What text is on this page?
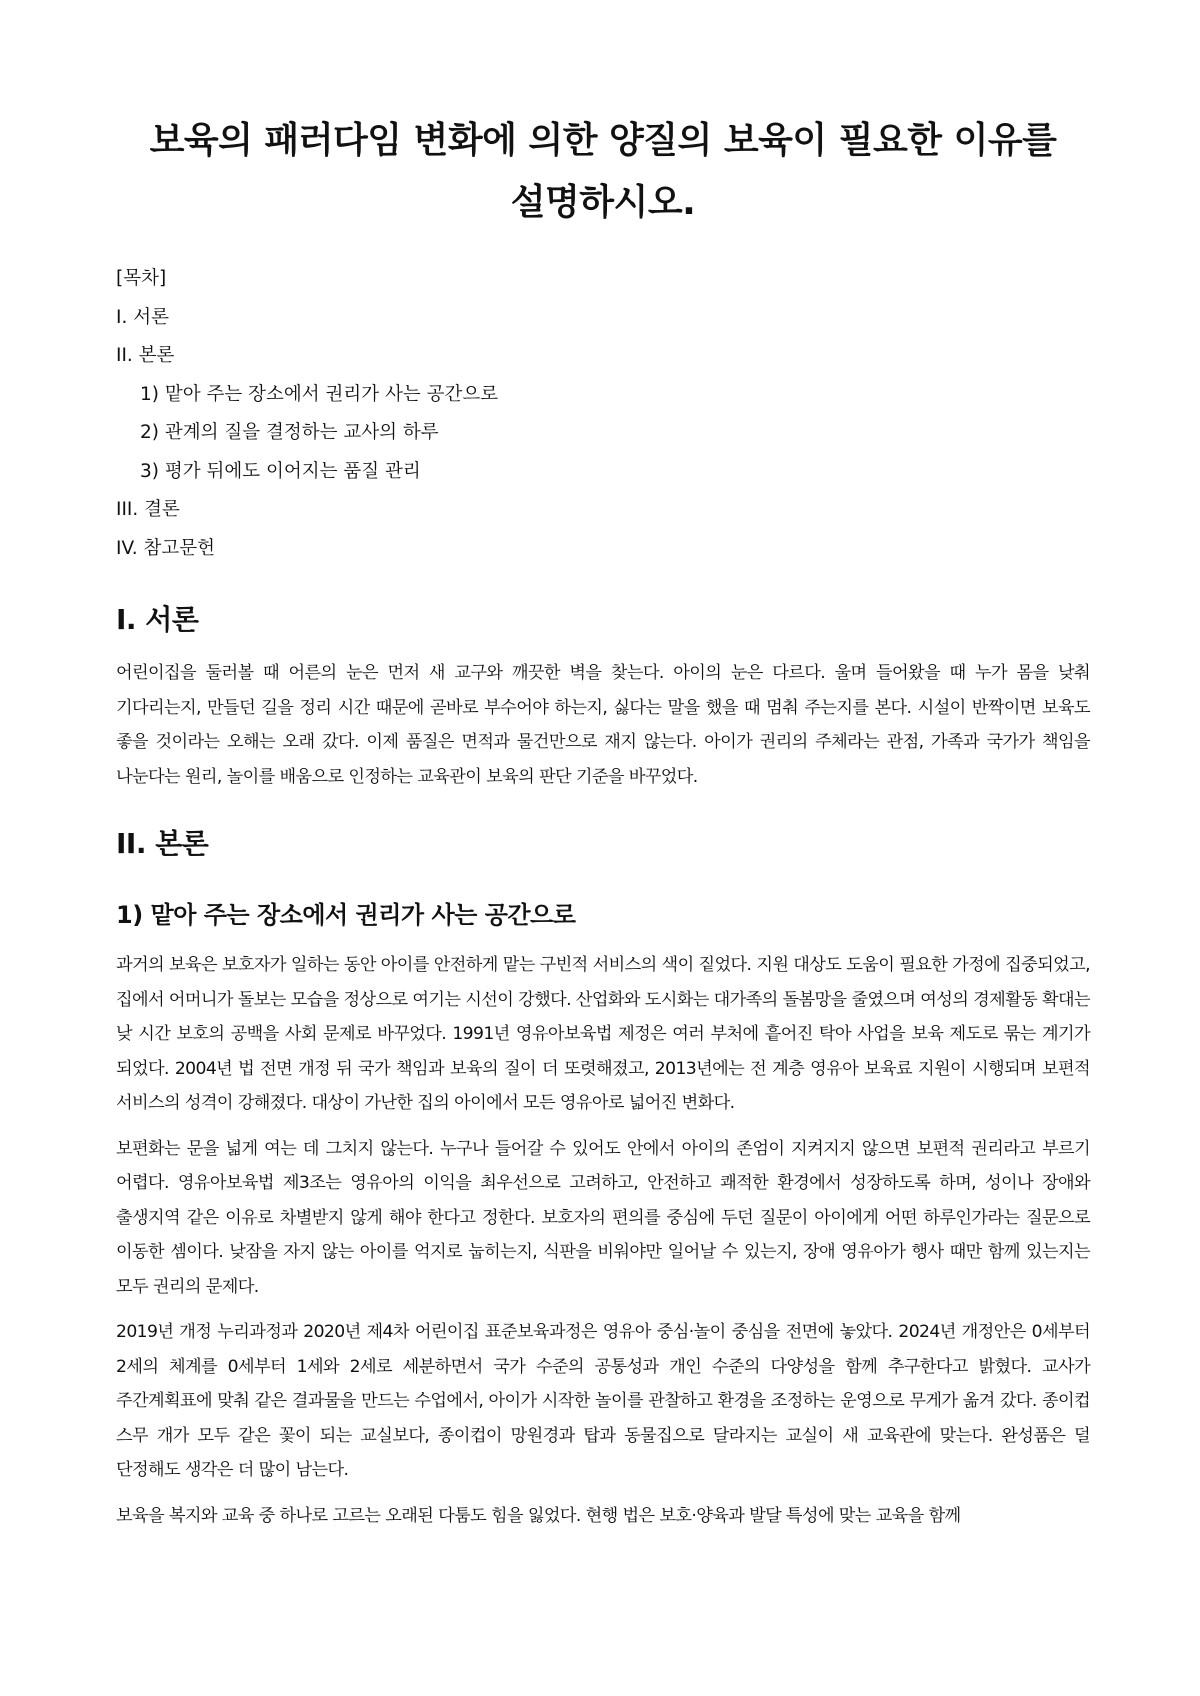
보육의 패러다임 변화에 의한 양질의 보육이 필요한 이유를 설명하시오.
[목차]
I. 서론
II. 본론
1) 맡아 주는 장소에서 권리가 사는 공간으로
2) 관계의 질을 결정하는 교사의 하루
3) 평가 뒤에도 이어지는 품질 관리
III. 결론
IV. 참고문헌
I. 서론

어린이집을 둘러볼 때 어른의 눈은 먼저 새 교구와 깨끗한 벽을 찾는다. 아이의 눈은 다르다. 울며 들어왔을 때 누가 몸을 낮춰 기다리는지, 만들던 길을 정리 시간 때문에 곧바로 부수어야 하는지, 싫다는 말을 했을 때 멈춰 주는지를 본다. 시설이 반짝이면 보육도 좋을 것이라는 오해는 오래 갔다. 이제 품질은 면적과 물건만으로 재지 않는다. 아이가 권리의 주체라는 관점, 가족과 국가가 책임을 나눈다는 원리, 놀이를 배움으로 인정하는 교육관이 보육의 판단 기준을 바꾸었다.

II. 본론
1) 맡아 주는 장소에서 권리가 사는 공간으로

과거의 보육은 보호자가 일하는 동안 아이를 안전하게 맡는 구빈적 서비스의 색이 짙었다. 지원 대상도 도움이 필요한 가정에 집중되었고, 집에서 어머니가 돌보는 모습을 정상으로 여기는 시선이 강했다. 산업화와 도시화는 대가족의 돌봄망을 줄였으며 여성의 경제활동 확대는 낮 시간 보호의 공백을 사회 문제로 바꾸었다. 1991년 영유아보육법 제정은 여러 부처에 흩어진 탁아 사업을 보육 제도로 묶는 계기가 되었다. 2004년 법 전면 개정 뒤 국가 책임과 보육의 질이 더 또렷해졌고, 2013년에는 전 계층 영유아 보육료 지원이 시행되며 보편적 서비스의 성격이 강해졌다. 대상이 가난한 집의 아이에서 모든 영유아로 넓어진 변화다.

보편화는 문을 넓게 여는 데 그치지 않는다. 누구나 들어갈 수 있어도 안에서 아이의 존엄이 지켜지지 않으면 보편적 권리라고 부르기 어렵다. 영유아보육법 제3조는 영유아의 이익을 최우선으로 고려하고, 안전하고 쾌적한 환경에서 성장하도록 하며, 성이나 장애와 출생지역 같은 이유로 차별받지 않게 해야 한다고 정한다. 보호자의 편의를 중심에 두던 질문이 아이에게 어떤 하루인가라는 질문으로 이동한 셈이다. 낮잠을 자지 않는 아이를 억지로 눕히는지, 식판을 비워야만 일어날 수 있는지, 장애 영유아가 행사 때만 함께 있는지는 모두 권리의 문제다.

2019년 개정 누리과정과 2020년 제4차 어린이집 표준보육과정은 영유아 중심·놀이 중심을 전면에 놓았다. 2024년 개정안은 0세부터 2세의 체계를 0세부터 1세와 2세로 세분하면서 국가 수준의 공통성과 개인 수준의 다양성을 함께 추구한다고 밝혔다. 교사가 주간계획표에 맞춰 같은 결과물을 만드는 수업에서, 아이가 시작한 놀이를 관찰하고 환경을 조정하는 운영으로 무게가 옮겨 갔다. 종이컵 스무 개가 모두 같은 꽃이 되는 교실보다, 종이컵이 망원경과 탑과 동물집으로 달라지는 교실이 새 교육관에 맞는다. 완성품은 덜 단정해도 생각은 더 많이 남는다.

보육을 복지와 교육 중 하나로 고르는 오래된 다툼도 힘을 잃었다. 현행 법은 보호·양육과 발달 특성에 맞는 교육을 함께
